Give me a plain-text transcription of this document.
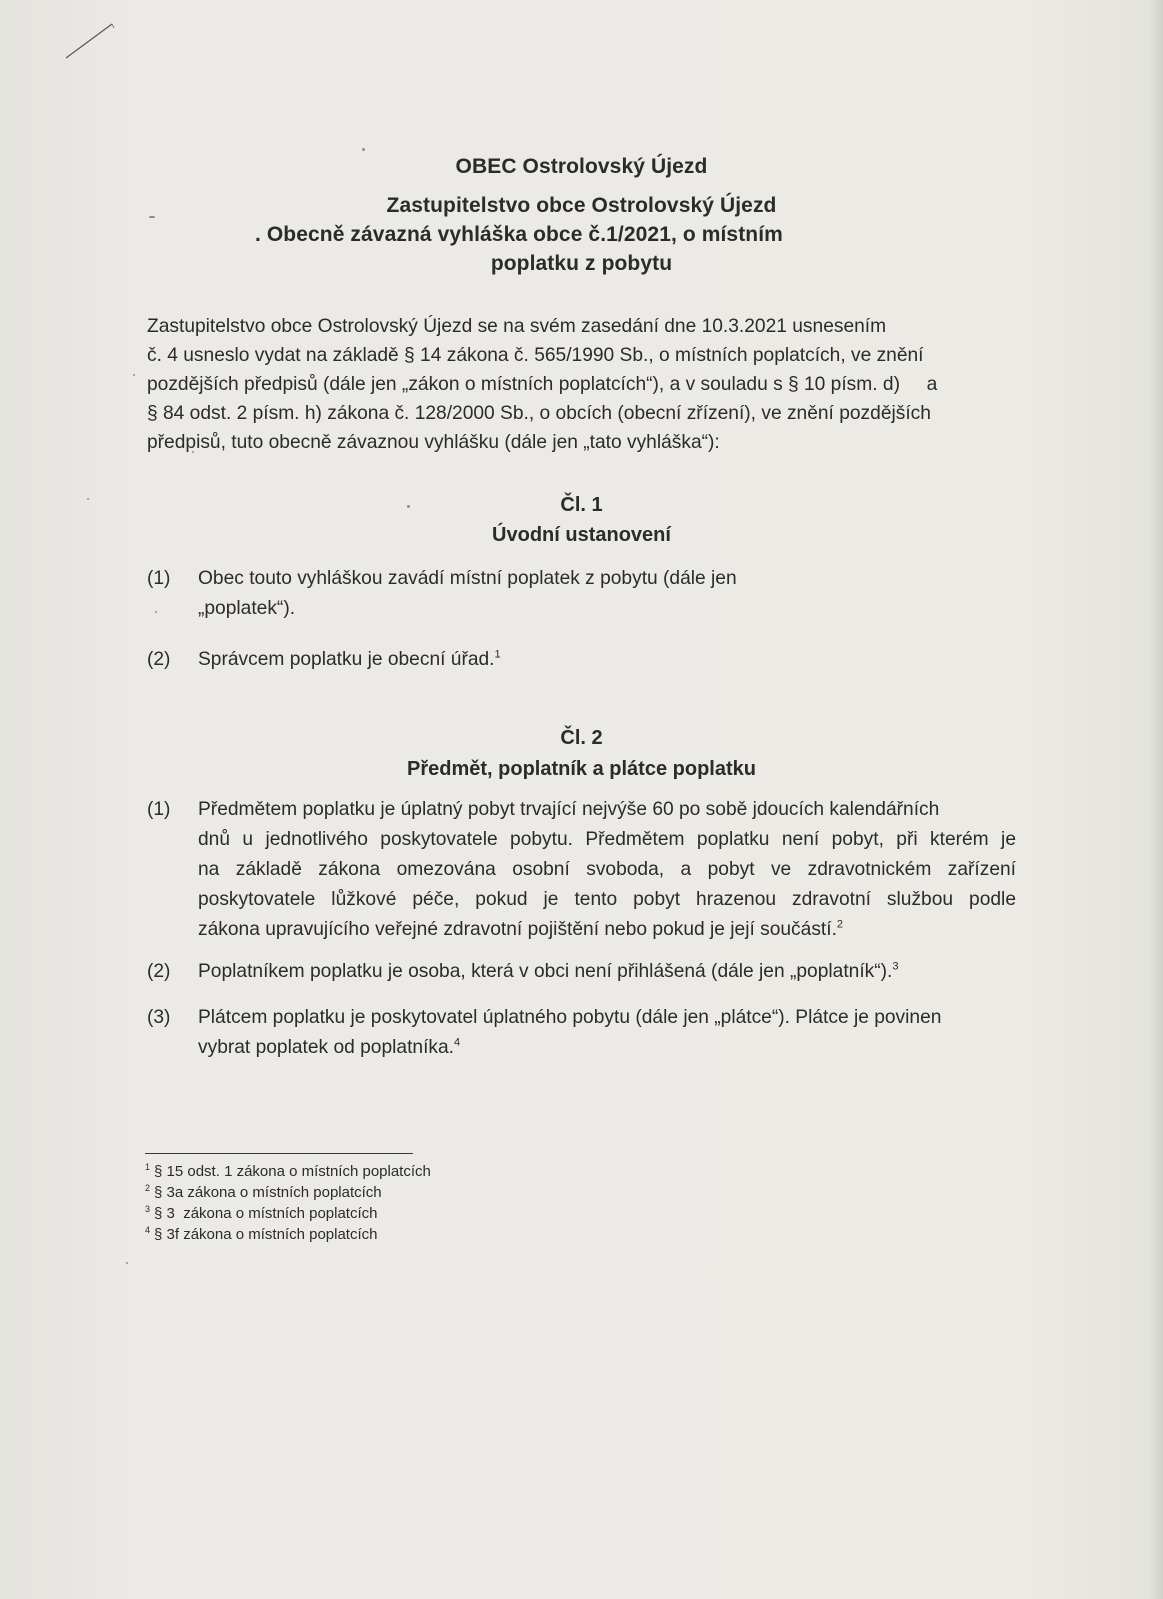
OBEC Ostrolovský Újezd
Zastupitelstvo obce Ostrolovský Újezd
. Obecně závazná vyhláška obce č.1/2021, o místním
poplatku z pobytu
Zastupitelstvo obce Ostrolovský Újezd se na svém zasedání dne 10.3.2021 usnesením
č. 4 usneslo vydat na základě § 14 zákona č. 565/1990 Sb., o místních poplatcích, ve znění
pozdějších předpisů (dále jen „zákon o místních poplatcích“), a v souladu s § 10 písm. d)     a
§ 84 odst. 2 písm. h) zákona č. 128/2000 Sb., o obcích (obecní zřízení), ve znění pozdějších
předpisů, tuto obecně závaznou vyhlášku (dále jen „tato vyhláška“):
Čl. 1
Úvodní ustanovení
(1) Obec touto vyhláškou zavádí místní poplatek z pobytu (dále jen
„poplatek“).
(2) Správcem poplatku je obecní úřad.$^1$
Čl. 2
Předmět, poplatník a plátce poplatku
(1) Předmětem poplatku je úplatný pobyt trvající nejvýše 60 po sobě jdoucích kalendářních
dnů u jednotlivého poskytovatele pobytu. Předmětem poplatku není pobyt, při kterém je
na základě zákona omezována osobní svoboda, a pobyt ve zdravotnickém zařízení
poskytovatele lůžkové péče, pokud je tento pobyt hrazenou zdravotní službou podle
zákona upravujícího veřejné zdravotní pojištění nebo pokud je její součástí.$^2$
(2) Poplatníkem poplatku je osoba, která v obci není přihlášená (dále jen „poplatník“).$^3$
(3) Plátcem poplatku je poskytovatel úplatného pobytu (dále jen „plátce“). Plátce je povinen
vybrat poplatek od poplatníka.$^4$
$^1$ § 15 odst. 1 zákona o místních poplatcích
$^2$ § 3a zákona o místních poplatcích
$^3$ § 3  zákona o místních poplatcích
$^4$ § 3f zákona o místních poplatcích
